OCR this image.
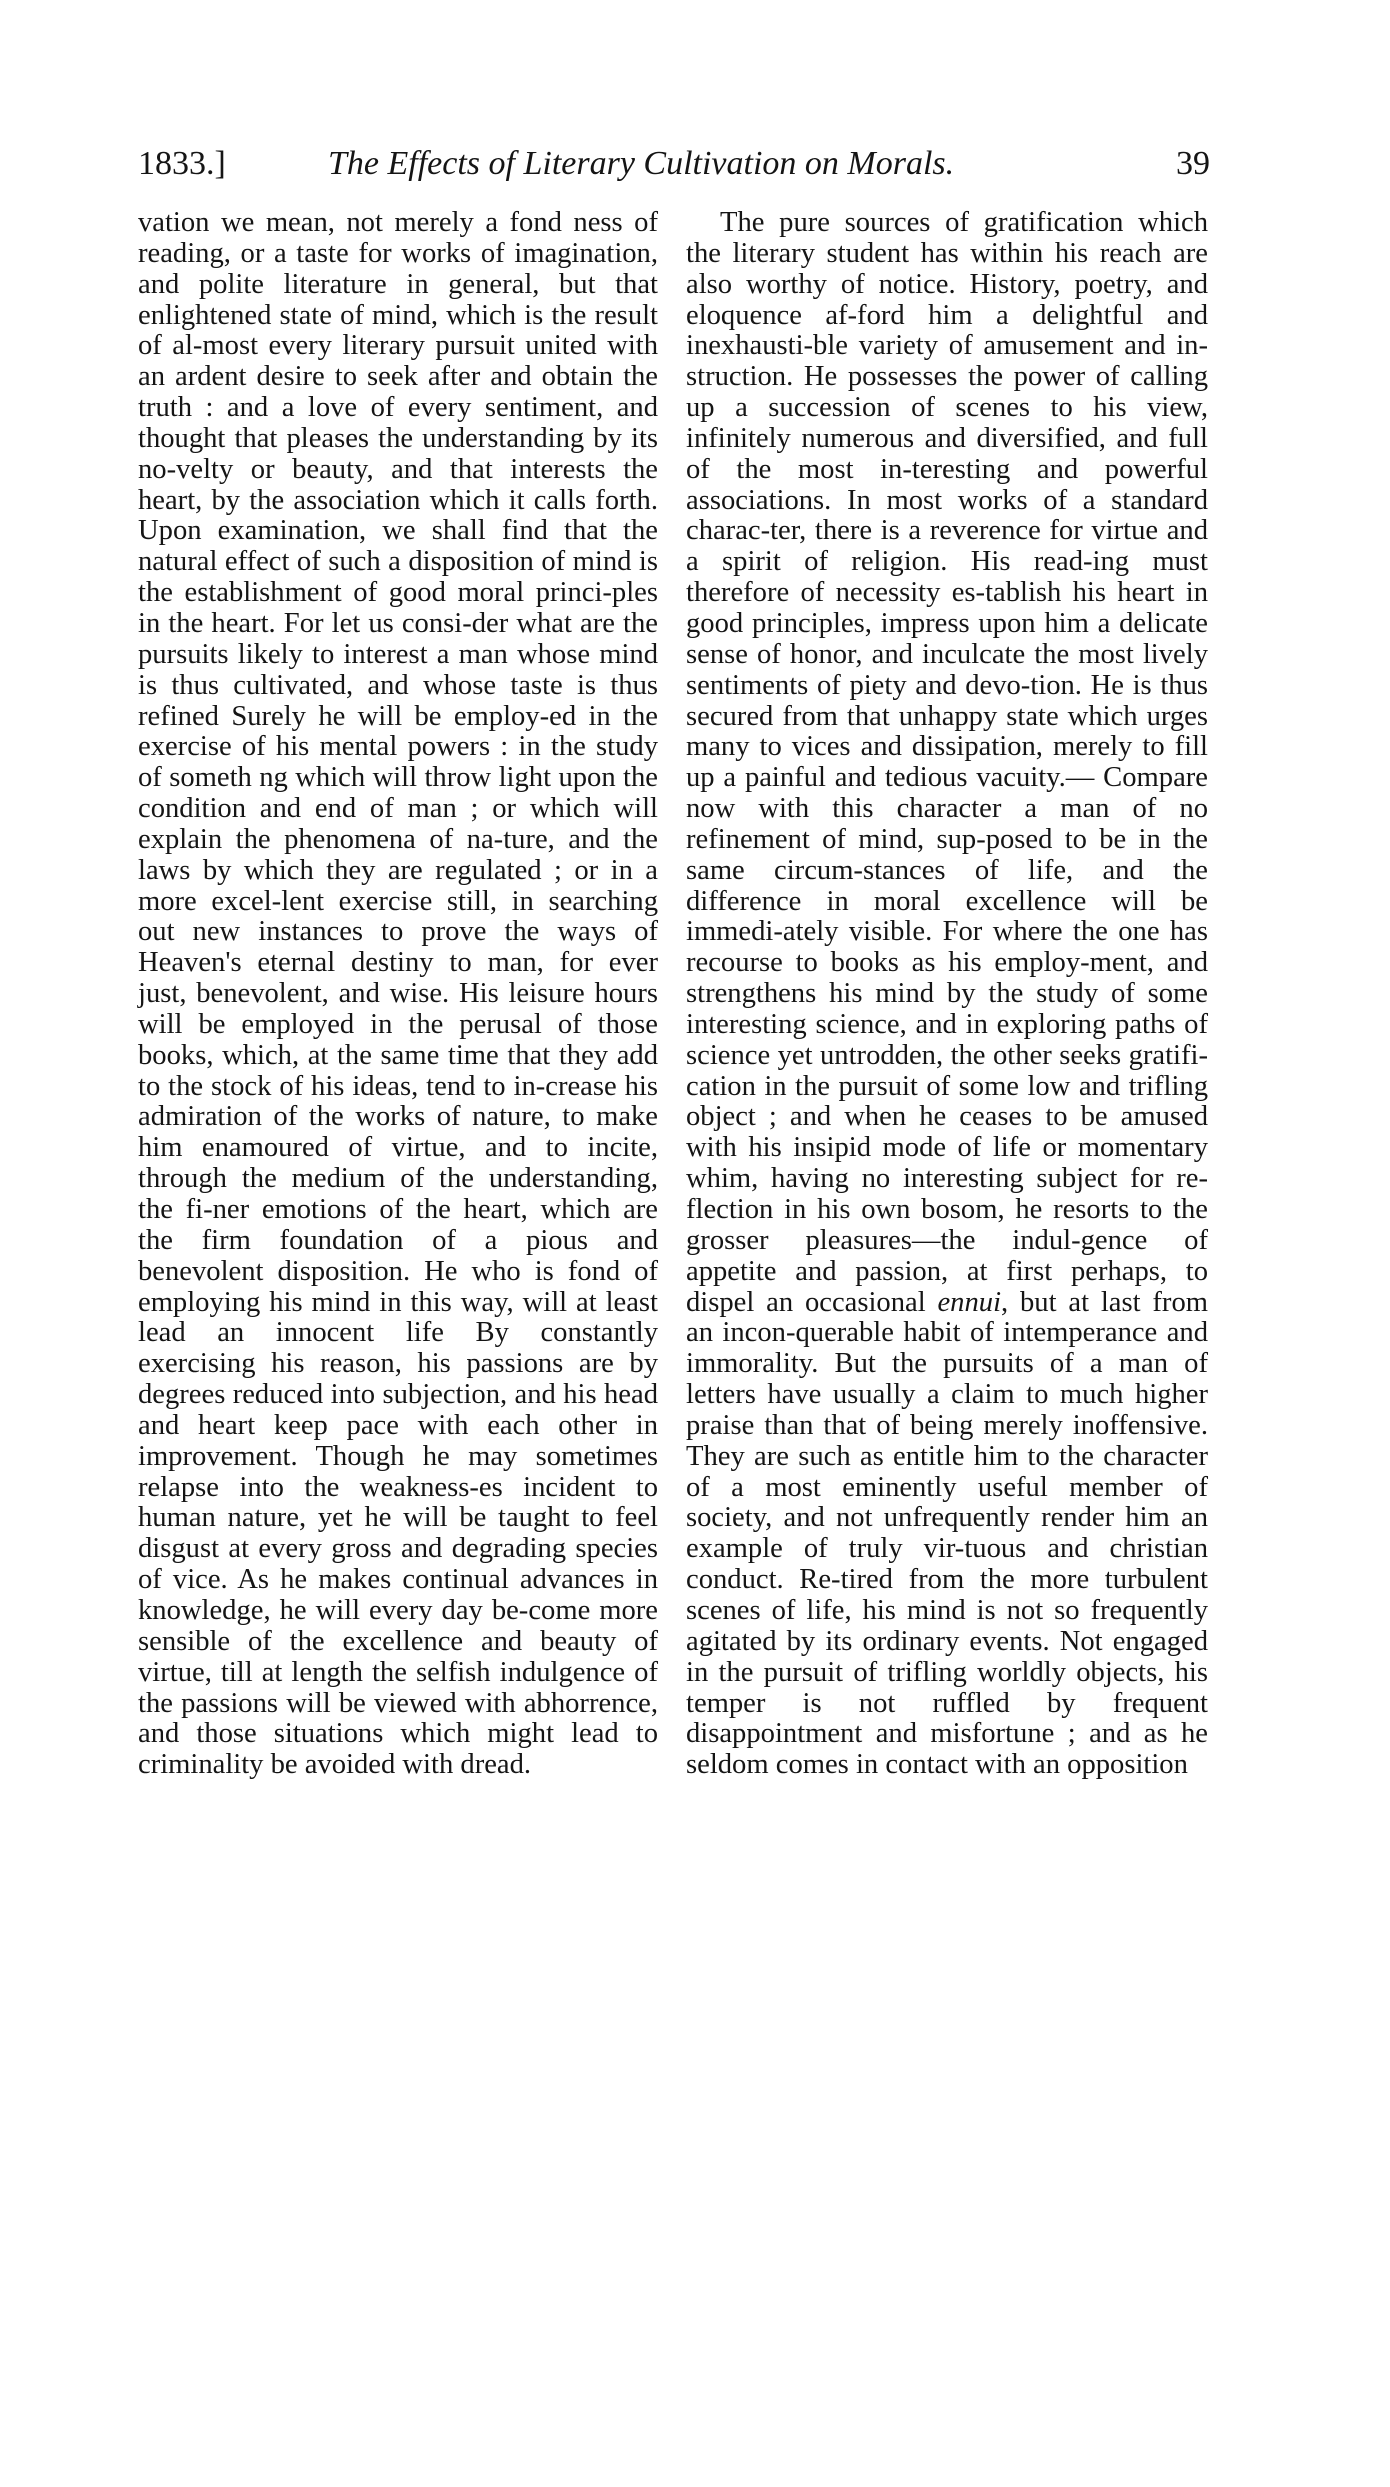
1833.]	The Effects of Literary Cultivation on Morals.	39

vation we mean, not merely a fond ness of reading, or a taste for works of imagination, and polite literature in general, but that enlightened state of mind, which is the result of al-most every literary pursuit united with an ardent desire to seek after and obtain the truth : and a love of every sentiment, and thought that pleases the understanding by its no-velty or beauty, and that interests the heart, by the association which it calls forth. Upon examination, we shall find that the natural effect of such a disposition of mind is the establishment of good moral princi-ples in the heart. For let us consi-der what are the pursuits likely to interest a man whose mind is thus cultivated, and whose taste is thus refined Surely he will be employ-ed in the exercise of his mental powers : in the study of someth ng which will throw light upon the condition and end of man ; or which will explain the phenomena of na-ture, and the laws by which they are regulated ; or in a more excel-lent exercise still, in searching out new instances to prove the ways of Heaven's eternal destiny to man, for ever just, benevolent, and wise. His leisure hours will be employed in the perusal of those books, which, at the same time that they add to the stock of his ideas, tend to in-crease his admiration of the works of nature, to make him enamoured of virtue, and to incite, through the medium of the understanding, the fi-ner emotions of the heart, which are the firm foundation of a pious and benevolent disposition. He who is fond of employing his mind in this way, will at least lead an innocent life By constantly exercising his reason, his passions are by degrees reduced into subjection, and his head and heart keep pace with each other in improvement. Though he may sometimes relapse into the weakness-es incident to human nature, yet he will be taught to feel disgust at every gross and degrading species of vice. As he makes continual advances in knowledge, he will every day be-come more sensible of the excellence and beauty of virtue, till at length the selfish indulgence of the passions will be viewed with abhorrence, and those situations which might lead to criminality be avoided with dread.

The pure sources of gratification which the literary student has within his reach are also worthy of notice. History, poetry, and eloquence af-ford him a delightful and inexhausti-ble variety of amusement and in-struction. He possesses the power of calling up a succession of scenes to his view, infinitely numerous and diversified, and full of the most in-teresting and powerful associations. In most works of a standard charac-ter, there is a reverence for virtue and a spirit of religion. His read-ing must therefore of necessity es-tablish his heart in good principles, impress upon him a delicate sense of honor, and inculcate the most lively sentiments of piety and devo-tion. He is thus secured from that unhappy state which urges many to vices and dissipation, merely to fill up a painful and tedious vacuity.— Compare now with this character a man of no refinement of mind, sup-posed to be in the same circum-stances of life, and the difference in moral excellence will be immedi-ately visible. For where the one has recourse to books as his employ-ment, and strengthens his mind by the study of some interesting science, and in exploring paths of science yet untrodden, the other seeks gratifi-cation in the pursuit of some low and trifling object ; and when he ceases to be amused with his insipid mode of life or momentary whim, having no interesting subject for re-flection in his own bosom, he resorts to the grosser pleasures—the indul-gence of appetite and passion, at first perhaps, to dispel an occasional ennui, but at last from an incon-querable habit of intemperance and immorality. But the pursuits of a man of letters have usually a claim to much higher praise than that of being merely inoffensive. They are such as entitle him to the character of a most eminently useful member of society, and not unfrequently render him an example of truly vir-tuous and christian conduct. Re-tired from the more turbulent scenes of life, his mind is not so frequently agitated by its ordinary events. Not engaged in the pursuit of trifling worldly objects, his temper is not ruffled by frequent disappointment and misfortune ; and as he seldom comes in contact with an opposition
